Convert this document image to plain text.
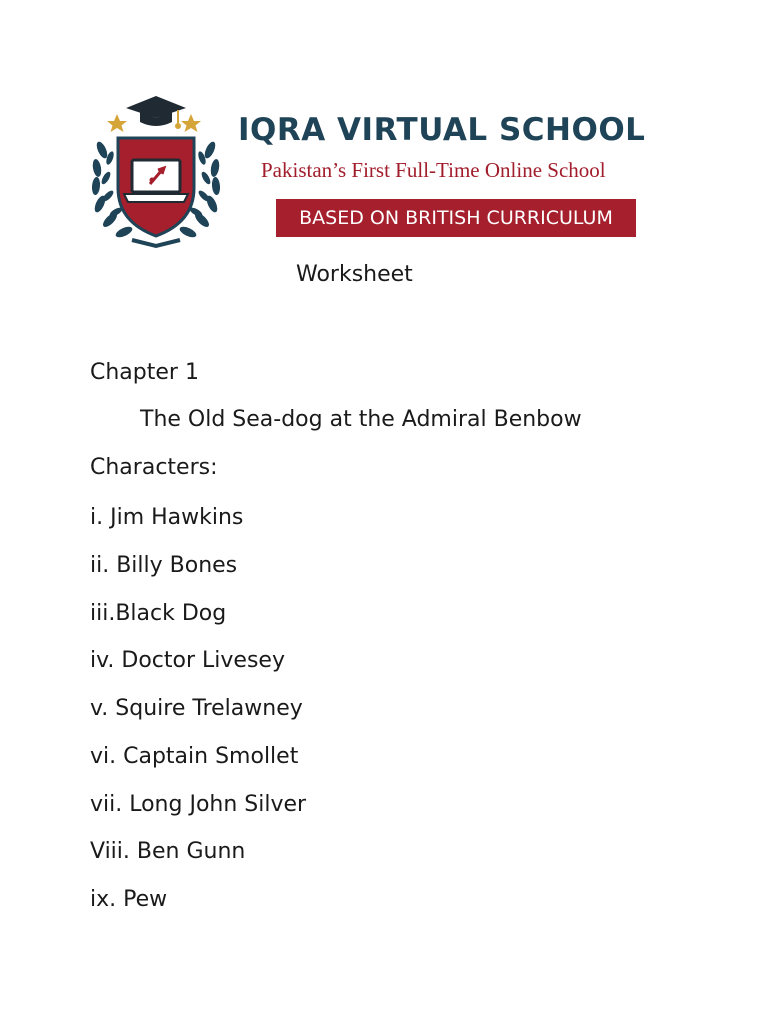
IQRA VIRTUAL SCHOOL
Pakistan’s First Full-Time Online School
BASED ON BRITISH CURRICULUM
Worksheet
Chapter 1
The Old Sea-dog at the Admiral Benbow
Characters:
i. Jim Hawkins
ii. Billy Bones
iii.Black Dog
iv. Doctor Livesey
v. Squire Trelawney
vi. Captain Smollet
vii. Long John Silver
Viii. Ben Gunn
ix. Pew
